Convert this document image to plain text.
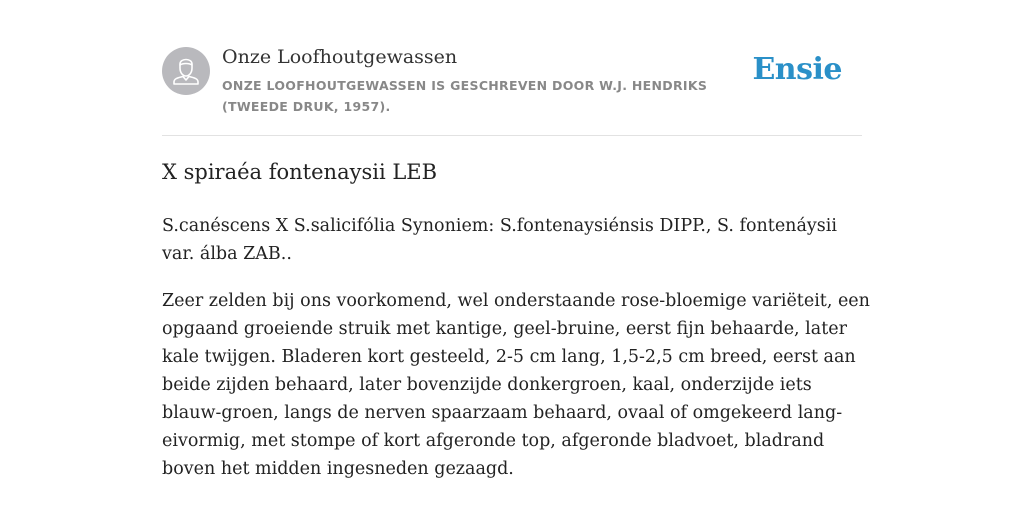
Onze Loofhoutgewassen
ONZE LOOFHOUTGEWASSEN IS GESCHREVEN DOOR W.J. HENDRIKS (TWEEDE DRUK, 1957).
Ensie
X spiraéa fontenaysii LEB
S.canéscens X S.salicifólia Synoniem: S.fontenaysiénsis DIPP., S. fontenáysii var. álba ZAB..
Zeer zelden bij ons voorkomend, wel onderstaande rose-bloemige variëteit, een opgaand groeiende struik met kantige, geel-bruine, eerst fijn behaarde, later kale twijgen. Bladeren kort gesteeld, 2-5 cm lang, 1,5-2,5 cm breed, eerst aan beide zijden behaard, later bovenzijde donkergroen, kaal, onderzijde iets blauw-groen, langs de nerven spaarzaam behaard, ovaal of omgekeerd lang-eivormig, met stompe of kort afgeronde top, afgeronde bladvoet, bladrand boven het midden ingesneden gezaagd.
